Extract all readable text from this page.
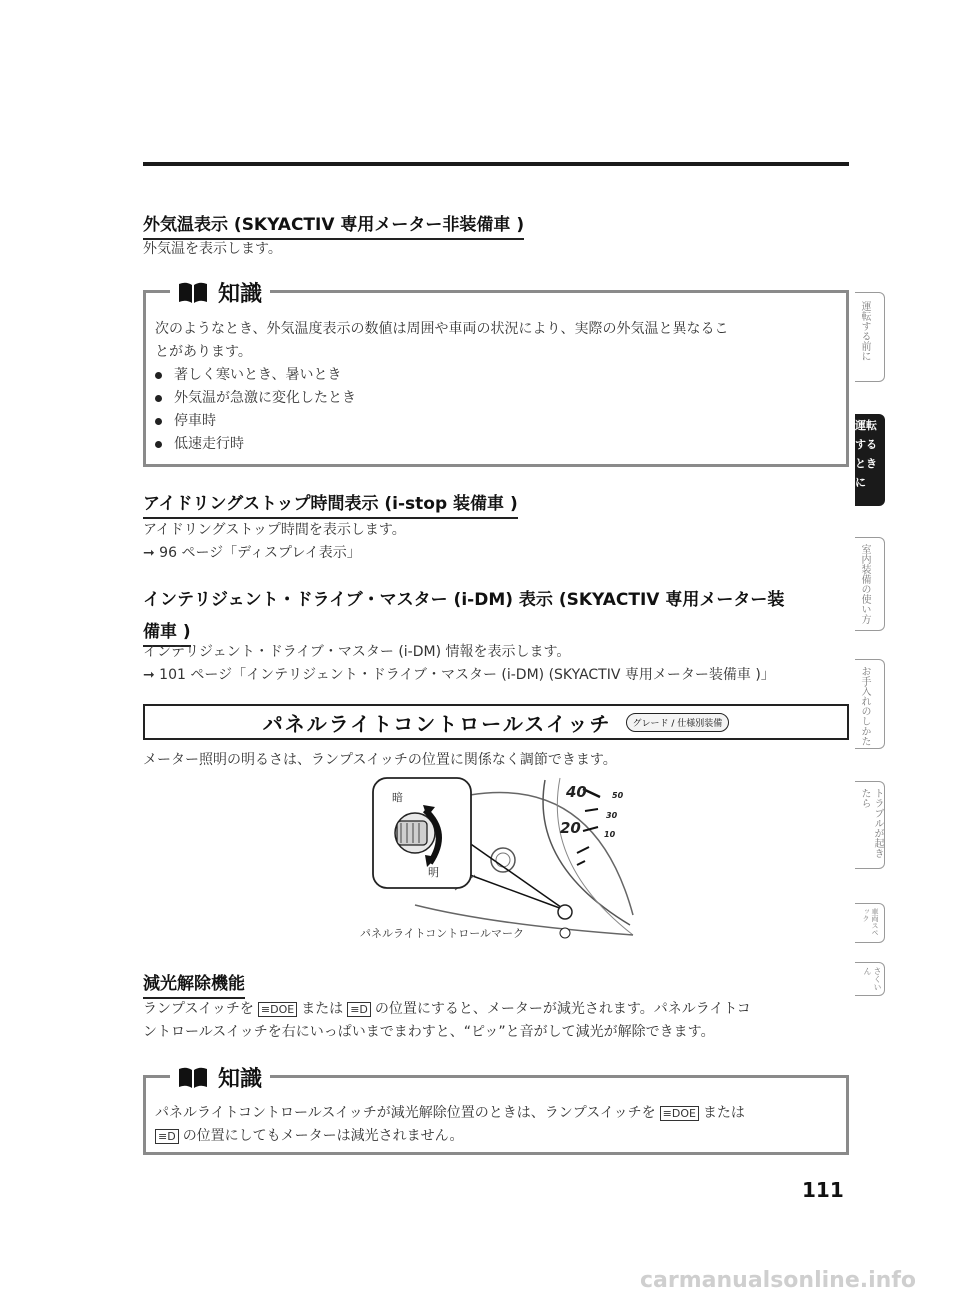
外気温表示 (SKYACTIV 専用メーター非装備車 )
外気温を表示します。
知識
次のようなとき、外気温度表示の数値は周囲や車両の状況により、実際の外気温と異なるこ
とがあります。
著しく寒いとき、暑いとき
外気温が急激に変化したとき
停車時
低速走行時
アイドリングストップ時間表示 (i-stop 装備車 )
アイドリングストップ時間を表示します。
➞ 96 ページ「ディスプレイ表示」
インテリジェント・ドライブ・マスター (i-DM) 表示 (SKYACTIV 専用メーター装
備車 )
インテリジェント・ドライブ・マスター (i-DM) 情報を表示します。
➞ 101 ページ「インテリジェント・ドライブ・マスター (i-DM) (SKYACTIV 専用メーター装備車 )」
パネルライトコントロールスイッチ	グレード / 仕様別装備
メーター照明の明るさは、ランプスイッチの位置に関係なく調節できます。
暗
明
40
20
50
30
10
パネルライトコントロールマーク
減光解除機能
ランプスイッチを ≡DOE または ≡D の位置にすると、メーターが減光されます。パネルライトコ
ントロールスイッチを右にいっぱいまでまわすと、“ピッ”と音がして減光が解除できます。
知識
パネルライトコントロールスイッチが減光解除位置のときは、ランプスイッチを ≡DOE または
≡D の位置にしてもメーターは減光されません。
運転する前に
運転するときに
室内装備の使い方
お手入れのしかた
トラブルが起きたら
車両スペック
さくいん
111
carmanualsonline.info
